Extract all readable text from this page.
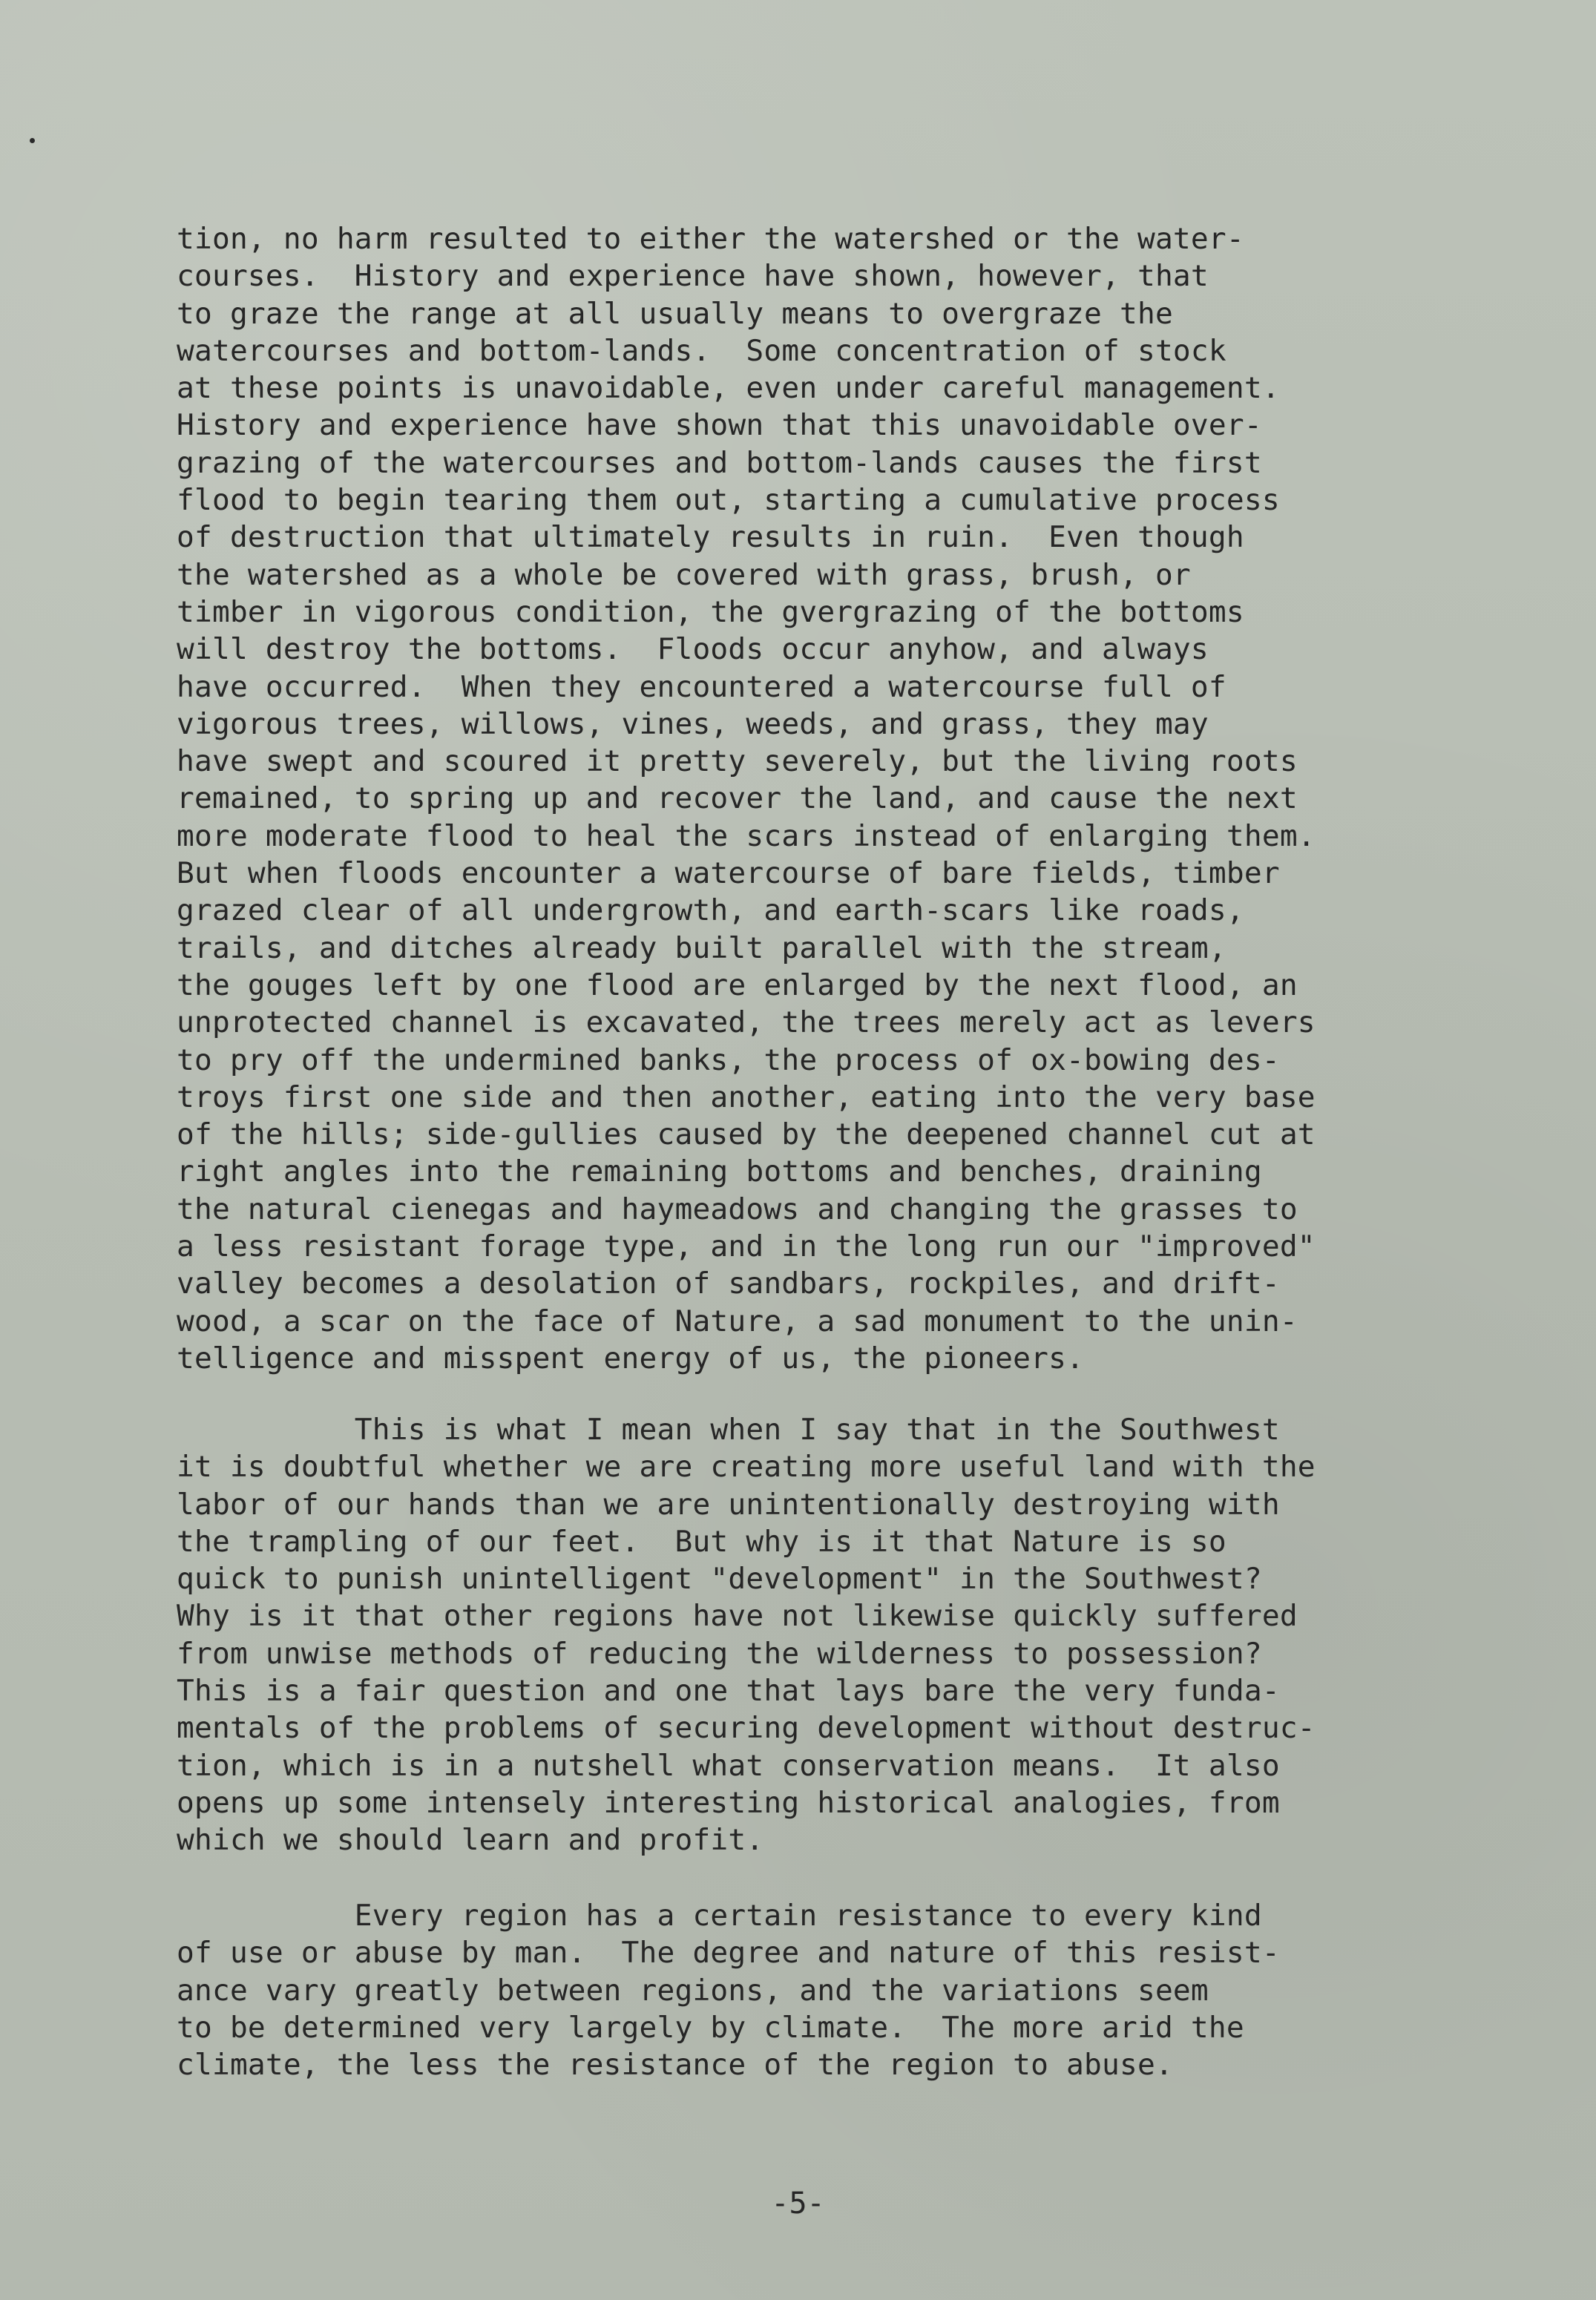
tion, no harm resulted to either the watershed or the water-
courses.  History and experience have shown, however, that
to graze the range at all usually means to overgraze the
watercourses and bottom-lands.  Some concentration of stock
at these points is unavoidable, even under careful management.
History and experience have shown that this unavoidable over-
grazing of the watercourses and bottom-lands causes the first
flood to begin tearing them out, starting a cumulative process
of destruction that ultimately results in ruin.  Even though
the watershed as a whole be covered with grass, brush, or
timber in vigorous condition, the gvergrazing of the bottoms
will destroy the bottoms.  Floods occur anyhow, and always
have occurred.  When they encountered a watercourse full of
vigorous trees, willows, vines, weeds, and grass, they may
have swept and scoured it pretty severely, but the living roots
remained, to spring up and recover the land, and cause the next
more moderate flood to heal the scars instead of enlarging them.
But when floods encounter a watercourse of bare fields, timber
grazed clear of all undergrowth, and earth-scars like roads,
trails, and ditches already built parallel with the stream,
the gouges left by one flood are enlarged by the next flood, an
unprotected channel is excavated, the trees merely act as levers
to pry off the undermined banks, the process of ox-bowing des-
troys first one side and then another, eating into the very base
of the hills; side-gullies caused by the deepened channel cut at
right angles into the remaining bottoms and benches, draining
the natural cienegas and haymeadows and changing the grasses to
a less resistant forage type, and in the long run our "improved"
valley becomes a desolation of sandbars, rockpiles, and drift-
wood, a scar on the face of Nature, a sad monument to the unin-
telligence and misspent energy of us, the pioneers.
This is what I mean when I say that in the Southwest
it is doubtful whether we are creating more useful land with the
labor of our hands than we are unintentionally destroying with
the trampling of our feet.  But why is it that Nature is so
quick to punish unintelligent "development" in the Southwest?
Why is it that other regions have not likewise quickly suffered
from unwise methods of reducing the wilderness to possession?
This is a fair question and one that lays bare the very funda-
mentals of the problems of securing development without destruc-
tion, which is in a nutshell what conservation means.  It also
opens up some intensely interesting historical analogies, from
which we should learn and profit.
Every region has a certain resistance to every kind
of use or abuse by man.  The degree and nature of this resist-
ance vary greatly between regions, and the variations seem
to be determined very largely by climate.  The more arid the
climate, the less the resistance of the region to abuse.
-5-
